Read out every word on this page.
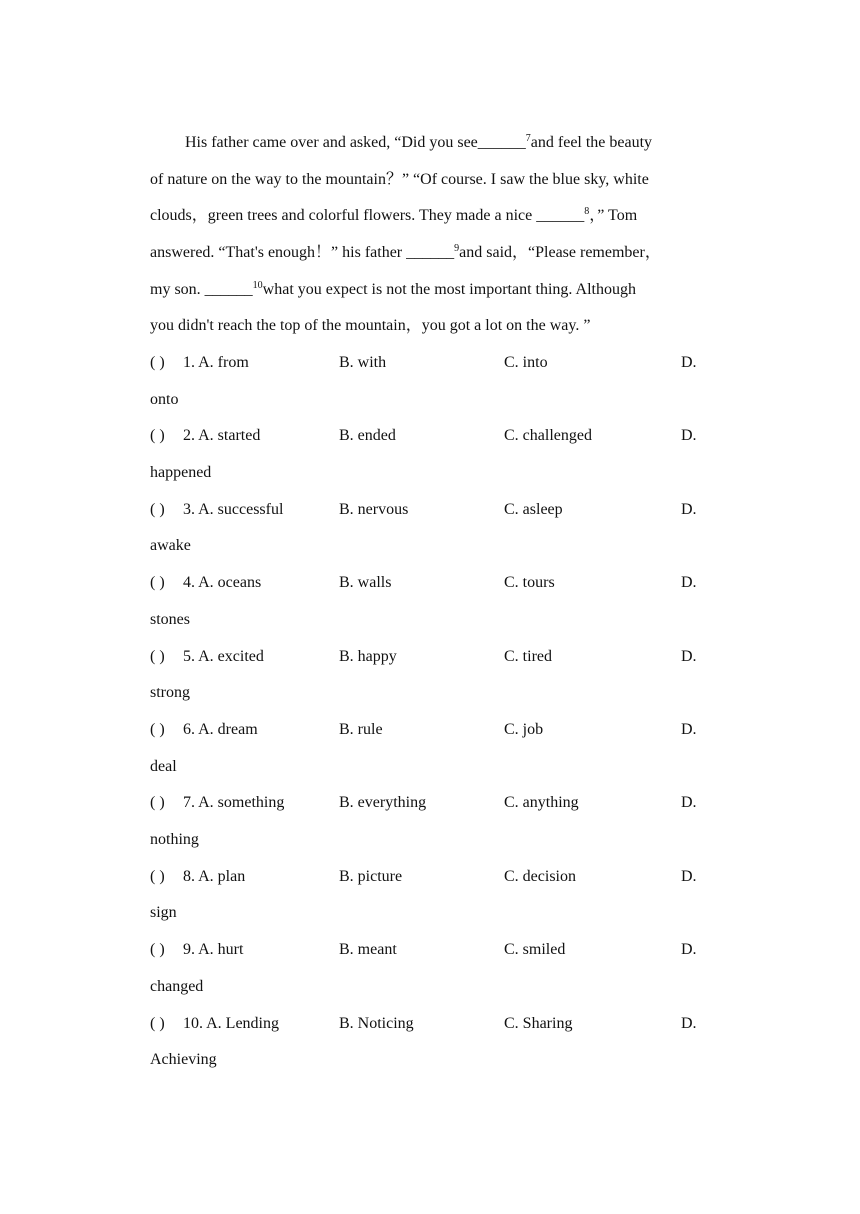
His father came over and asked, “Did you see______$^7$and feel the beauty
of nature on the way to the mountain？” “Of course. I saw the blue sky, white
clouds，green trees and colorful flowers. They made a nice ______$^8$，” Tom
answered. “That's enough！” his father ______$^9$and said，“Please remember，
my son. ______$^{10}$what you expect is not the most important thing. Although
you didn't reach the top of the mountain，you got a lot on the way. ”
( ) 1. A. from	B. with	C. into	D.
onto
( ) 2. A. started	B. ended	C. challenged	D.
happened
( ) 3. A. successful	B. nervous	C. asleep	D.
awake
( ) 4. A. oceans	B. walls	C. tours	D.
stones
( ) 5. A. excited	B. happy	C. tired	D.
strong
( ) 6. A. dream	B. rule	C. job	D.
deal
( ) 7. A. something	B. everything	C. anything	D.
nothing
( ) 8. A. plan	B. picture	C. decision	D.
sign
( ) 9. A. hurt	B. meant	C. smiled	D.
changed
( ) 10. A. Lending	B. Noticing	C. Sharing	D.
Achieving
